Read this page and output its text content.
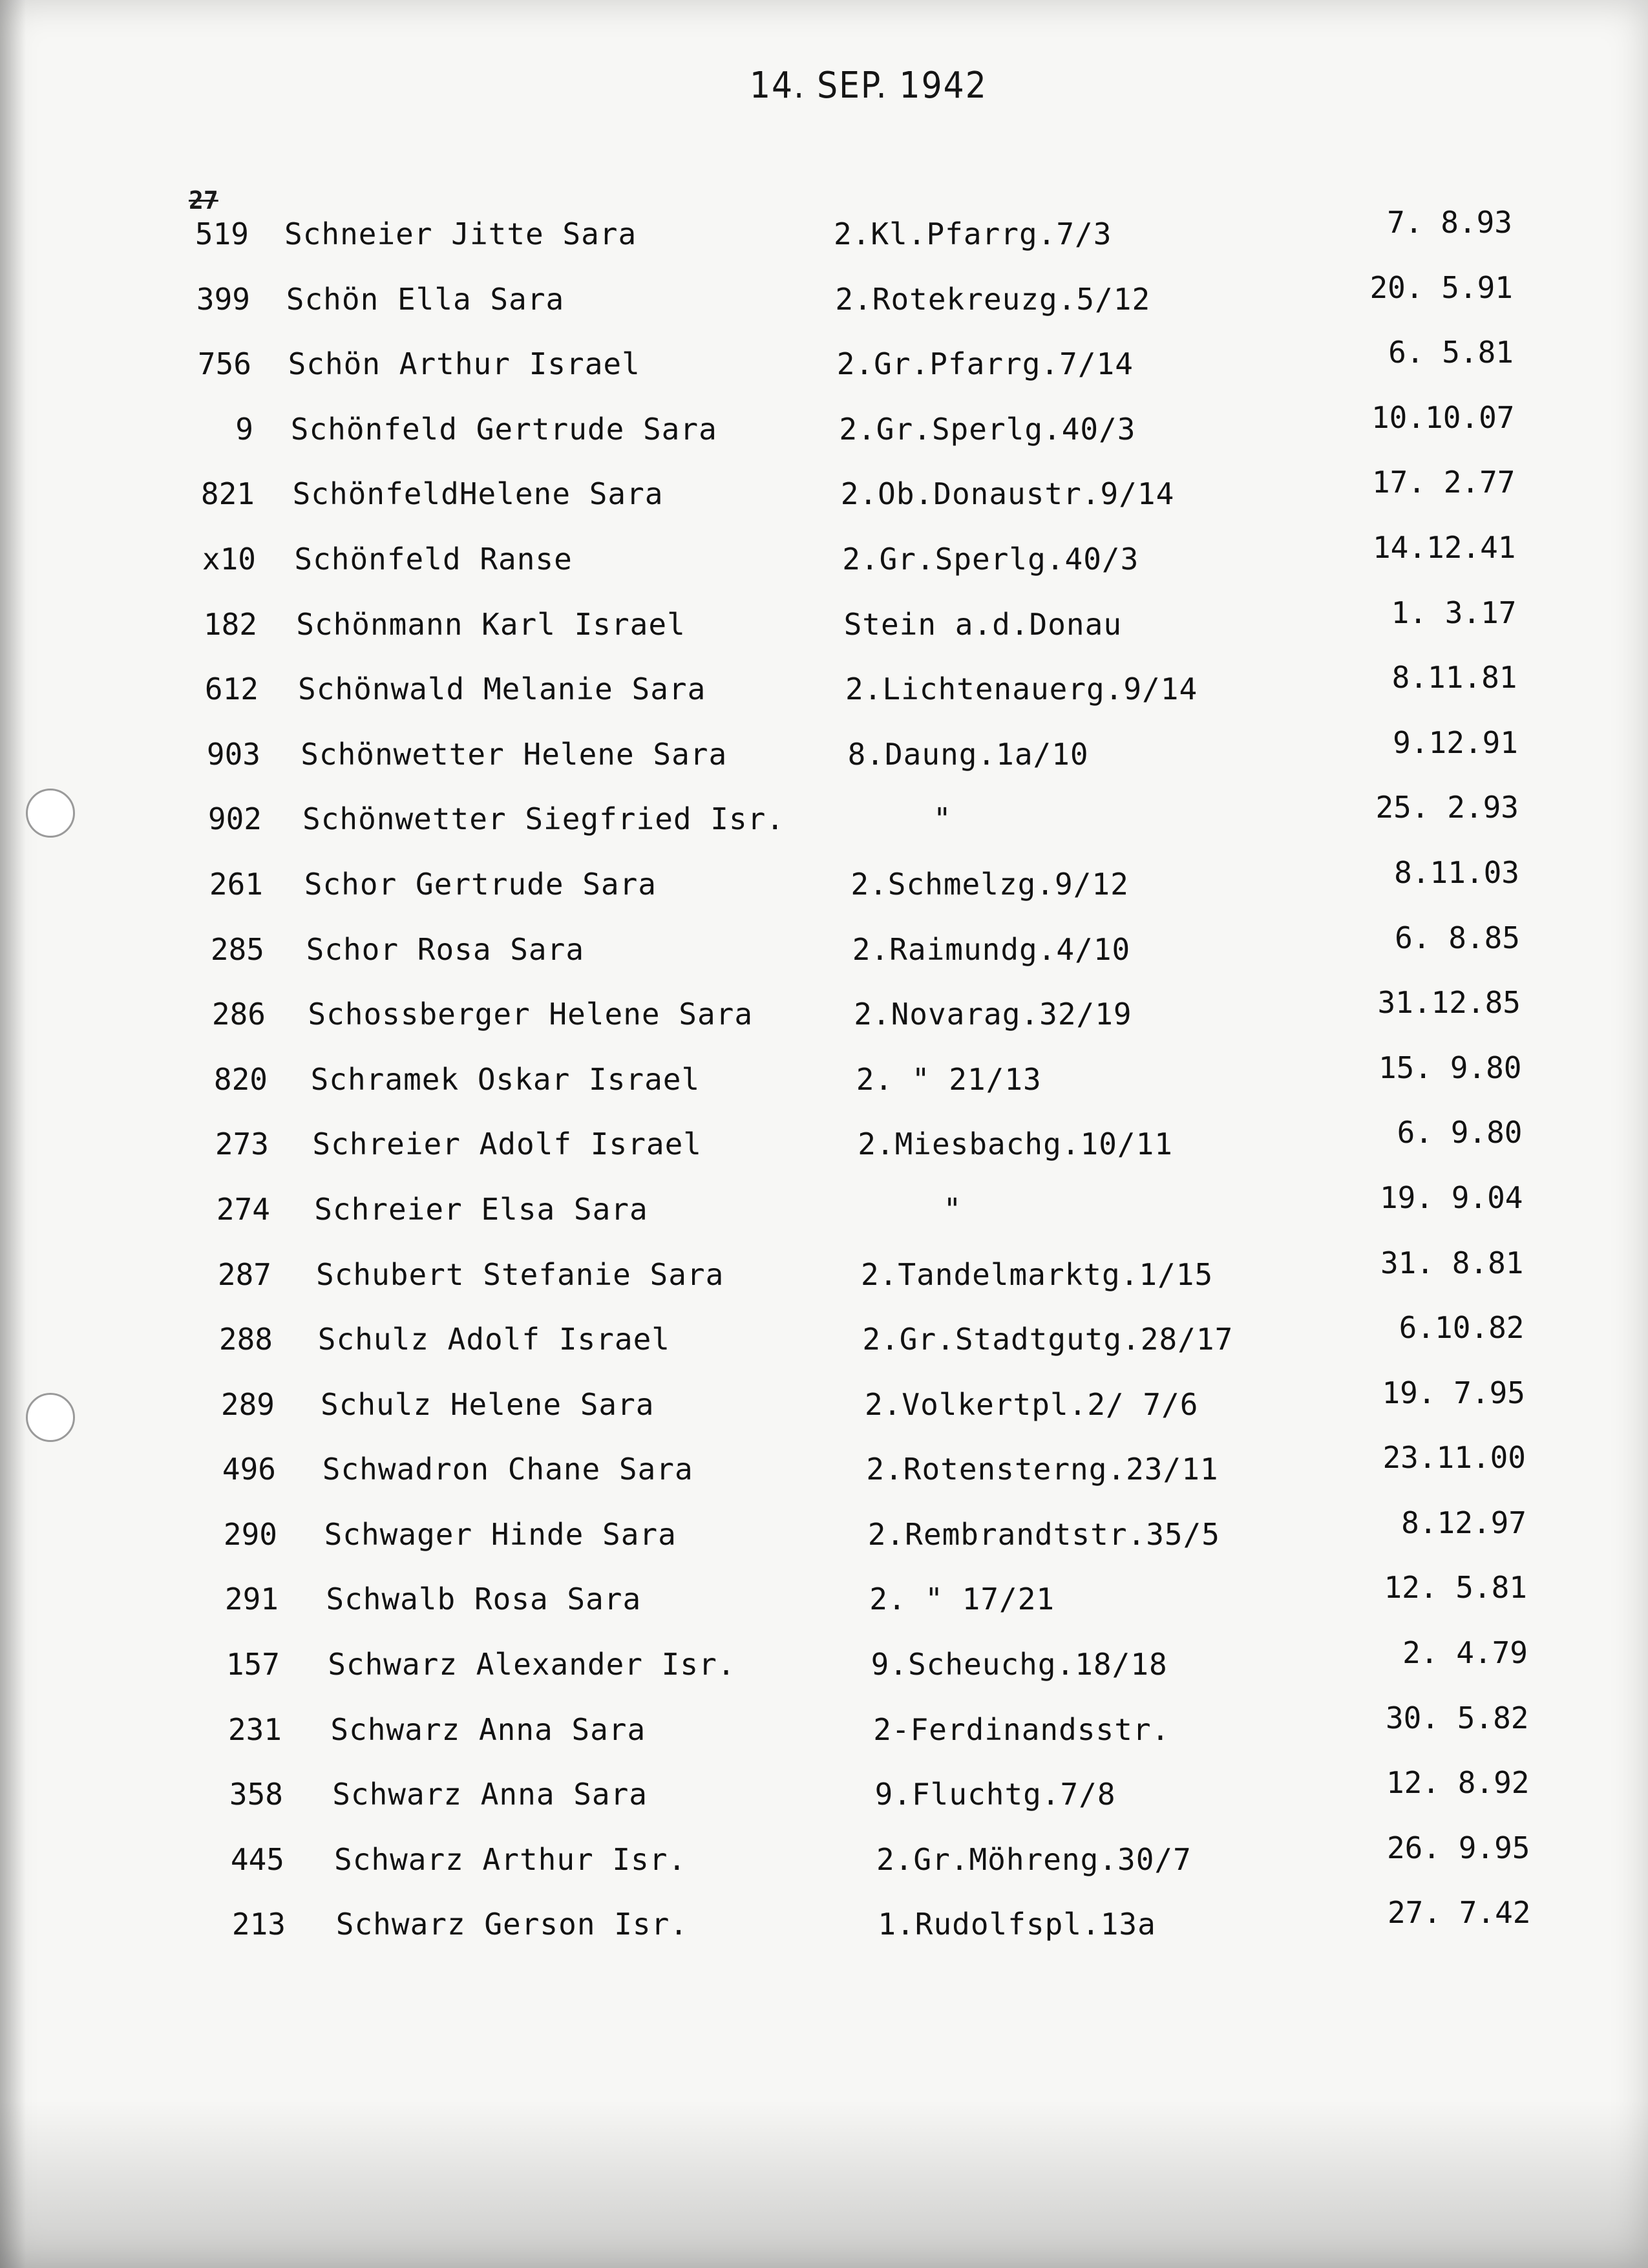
14. SEP. 1942
27
519 Schneier Jitte Sara	2.Kl.Pfarrg.7/3	7. 8.93
399 Schön Ella Sara	2.Rotekreuzg.5/12	20. 5.91
756 Schön Arthur Israel	2.Gr.Pfarrg.7/14	6. 5.81
9 Schönfeld Gertrude Sara	2.Gr.Sperlg.40/3	10.10.07
821 SchönfeldHelene Sara	2.Ob.Donaustr.9/14	17. 2.77
x10 Schönfeld Ranse	2.Gr.Sperlg.40/3	14.12.41
182 Schönmann Karl Israel	Stein a.d.Donau	1. 3.17
612 Schönwald Melanie Sara	2.Lichtenauerg.9/14	8.11.81
903 Schönwetter Helene Sara	8.Daung.1a/10	9.12.91
902 Schönwetter Siegfried Isr.	"	25. 2.93
261 Schor Gertrude Sara	2.Schmelzg.9/12	8.11.03
285 Schor Rosa Sara	2.Raimundg.4/10	6. 8.85
286 Schossberger Helene Sara	2.Novarag.32/19	31.12.85
820 Schramek Oskar Israel	2. " 21/13	15. 9.80
273 Schreier Adolf Israel	2.Miesbachg.10/11	6. 9.80
274 Schreier Elsa Sara	"	19. 9.04
287 Schubert Stefanie Sara	2.Tandelmarktg.1/15	31. 8.81
288 Schulz Adolf Israel	2.Gr.Stadtgutg.28/17	6.10.82
289 Schulz Helene Sara	2.Volkertpl.2/ 7/6	19. 7.95
496 Schwadron Chane Sara	2.Rotensterng.23/11	23.11.00
290 Schwager Hinde Sara	2.Rembrandtstr.35/5	8.12.97
291 Schwalb Rosa Sara	2. " 17/21	12. 5.81
157 Schwarz Alexander Isr.	9.Scheuchg.18/18	2. 4.79
231 Schwarz Anna Sara	2-Ferdinandsstr.	30. 5.82
358 Schwarz Anna Sara	9.Fluchtg.7/8	12. 8.92
445 Schwarz Arthur Isr.	2.Gr.Möhreng.30/7	26. 9.95
213 Schwarz Gerson Isr.	1.Rudolfspl.13a	27. 7.42
